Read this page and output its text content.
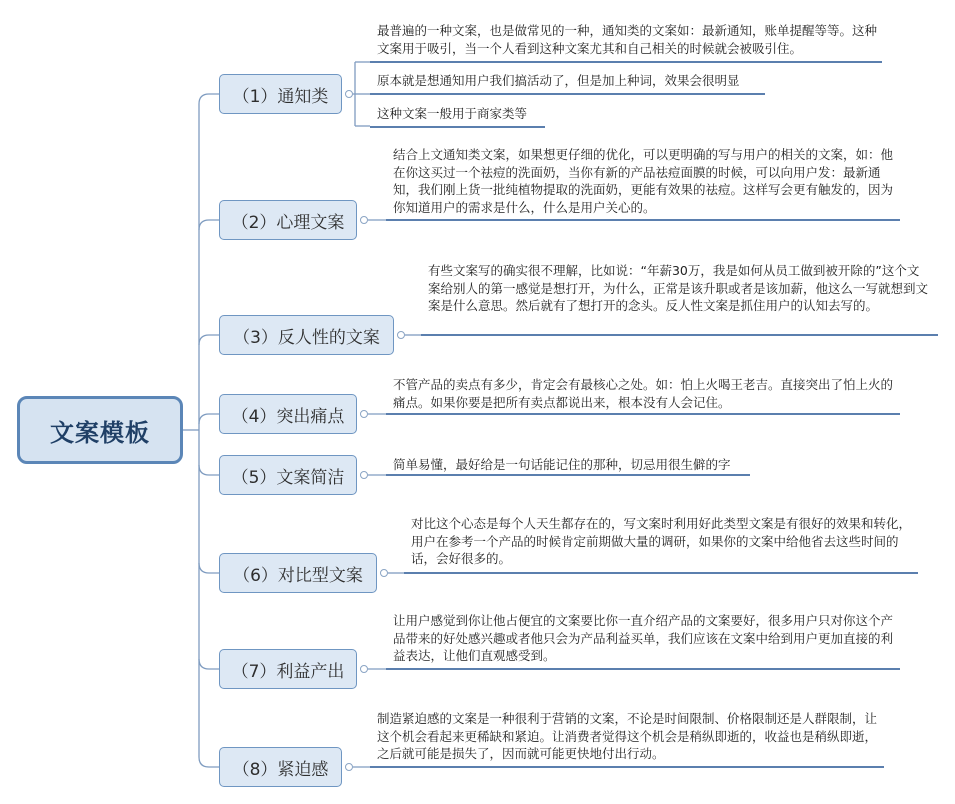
文案模板
（1）通知类
（2）心理文案
（3）反人性的文案
（4）突出痛点
（5）文案简洁
（6）对比型文案
（7）利益产出
（8）紧迫感
最普遍的一种文案，也是做常见的一种，通知类的文案如：最新通知，账单提醒等等。这种文案用于吸引，当一个人看到这种文案尤其和自己相关的时候就会被吸引住。
原本就是想通知用户我们搞活动了，但是加上种词，效果会很明显
这种文案一般用于商家类等
结合上文通知类文案，如果想更仔细的优化，可以更明确的写与用户的相关的文案，如：他在你这买过一个祛痘的洗面奶，当你有新的产品祛痘面膜的时候，可以向用户发：最新通知，我们刚上货一批纯植物提取的洗面奶，更能有效果的祛痘。这样写会更有触发的，因为你知道用户的需求是什么，什么是用户关心的。
有些文案写的确实很不理解，比如说：“年薪30万，我是如何从员工做到被开除的”这个文案给别人的第一感觉是想打开，为什么，正常是该升职或者是该加薪，他这么一写就想到文案是什么意思。然后就有了想打开的念头。反人性文案是抓住用户的认知去写的。
不管产品的卖点有多少，肯定会有最核心之处。如：怕上火喝王老吉。直接突出了怕上火的痛点。如果你要是把所有卖点都说出来，根本没有人会记住。
简单易懂，最好给是一句话能记住的那种，切忌用很生僻的字
对比这个心态是每个人天生都存在的，写文案时利用好此类型文案是有很好的效果和转化，用户在参考一个产品的时候肯定前期做大量的调研，如果你的文案中给他省去这些时间的话，会好很多的。
让用户感觉到你让他占便宜的文案要比你一直介绍产品的文案要好，很多用户只对你这个产品带来的好处感兴趣或者他只会为产品利益买单，我们应该在文案中给到用户更加直接的利益表达，让他们直观感受到。
制造紧迫感的文案是一种很利于营销的文案，不论是时间限制、价格限制还是人群限制，让这个机会看起来更稀缺和紧迫。让消费者觉得这个机会是稍纵即逝的，收益也是稍纵即逝，之后就可能是损失了，因而就可能更快地付出行动。
